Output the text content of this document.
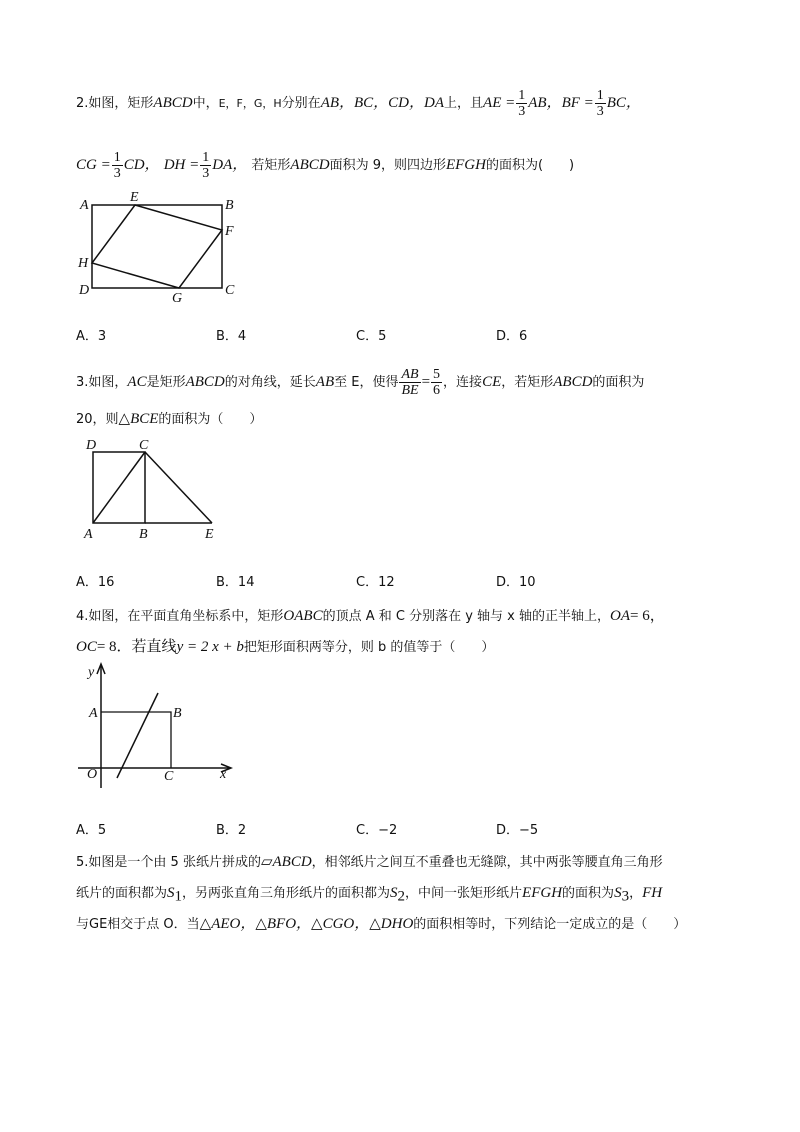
2.如图，矩形ABCD中，E，F，G，H分别在AB，BC，CD，DA上，且AE = $\frac{1}{3}$ AB，BF = $\frac{1}{3}$ BC，
CG = $\frac{1}{3}$ CD， DH = $\frac{1}{3}$ DA， 若矩形ABCD面积为 9，则四边形EFGH的面积为(　　)
A
E
B
F
H
D
G
C
A．3	B．4	C．5	D．6
3.如图，AC是矩形ABCD的对角线，延长AB至 E，使得 $\frac{AB}{BE} = \frac{5}{6}$ ，连接CE，若矩形ABCD的面积为
20，则△BCE的面积为（　　）
D	C
A	B	E
A．16	B．14	C．12	D．10
4.如图，在平面直角坐标系中，矩形OABC的顶点 A 和 C 分别落在 y 轴与 x 轴的正半轴上，OA= 6，
OC= 8．若直线y = 2 x + b把矩形面积两等分，则 b 的值等于（　　）
y
x
A	B
O	C
A．5	B．2	C．−2	D．−5
5.如图是一个由 5 张纸片拼成的▱ABCD，相邻纸片之间互不重叠也无缝隙，其中两张等腰直角三角形
纸片的面积都为$S_1$，另两张直角三角形纸片的面积都为$S_2$，中间一张矩形纸片EFGH的面积为$S_3$，FH
与GE相交于点 O．当△AEO，△BFO，△CGO，△DHO的面积相等时，下列结论一定成立的是（　　）
